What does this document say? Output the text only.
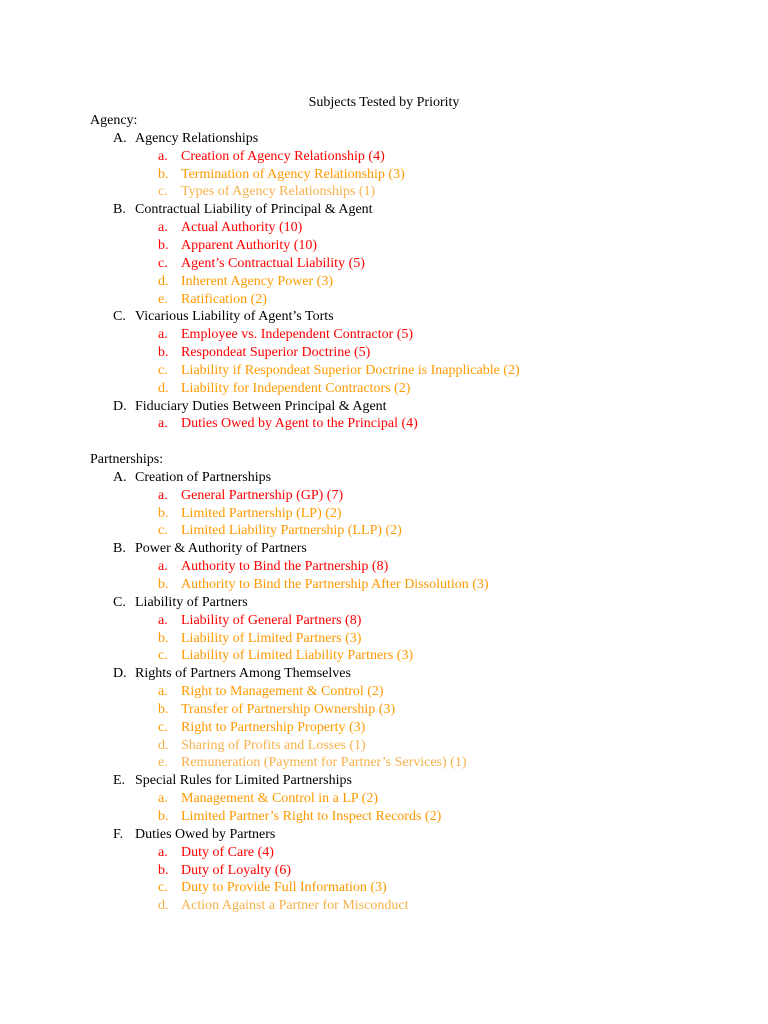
Subjects Tested by Priority
Agency:
A. Agency Relationships
a. Creation of Agency Relationship (4)
b. Termination of Agency Relationship (3)
c. Types of Agency Relationships (1)
B. Contractual Liability of Principal & Agent
a. Actual Authority (10)
b. Apparent Authority (10)
c. Agent’s Contractual Liability (5)
d. Inherent Agency Power (3)
e. Ratification (2)
C. Vicarious Liability of Agent’s Torts
a. Employee vs. Independent Contractor (5)
b. Respondeat Superior Doctrine (5)
c. Liability if Respondeat Superior Doctrine is Inapplicable (2)
d. Liability for Independent Contractors (2)
D. Fiduciary Duties Between Principal & Agent
a. Duties Owed by Agent to the Principal (4)
Partnerships:
A. Creation of Partnerships
a. General Partnership (GP) (7)
b. Limited Partnership (LP) (2)
c. Limited Liability Partnership (LLP) (2)
B. Power & Authority of Partners
a. Authority to Bind the Partnership (8)
b. Authority to Bind the Partnership After Dissolution (3)
C. Liability of Partners
a. Liability of General Partners (8)
b. Liability of Limited Partners (3)
c. Liability of Limited Liability Partners (3)
D. Rights of Partners Among Themselves
a. Right to Management & Control (2)
b. Transfer of Partnership Ownership (3)
c. Right to Partnership Property (3)
d. Sharing of Profits and Losses (1)
e. Remuneration (Payment for Partner’s Services) (1)
E. Special Rules for Limited Partnerships
a. Management & Control in a LP (2)
b. Limited Partner’s Right to Inspect Records (2)
F. Duties Owed by Partners
a. Duty of Care (4)
b. Duty of Loyalty (6)
c. Duty to Provide Full Information (3)
d. Action Against a Partner for Misconduct
